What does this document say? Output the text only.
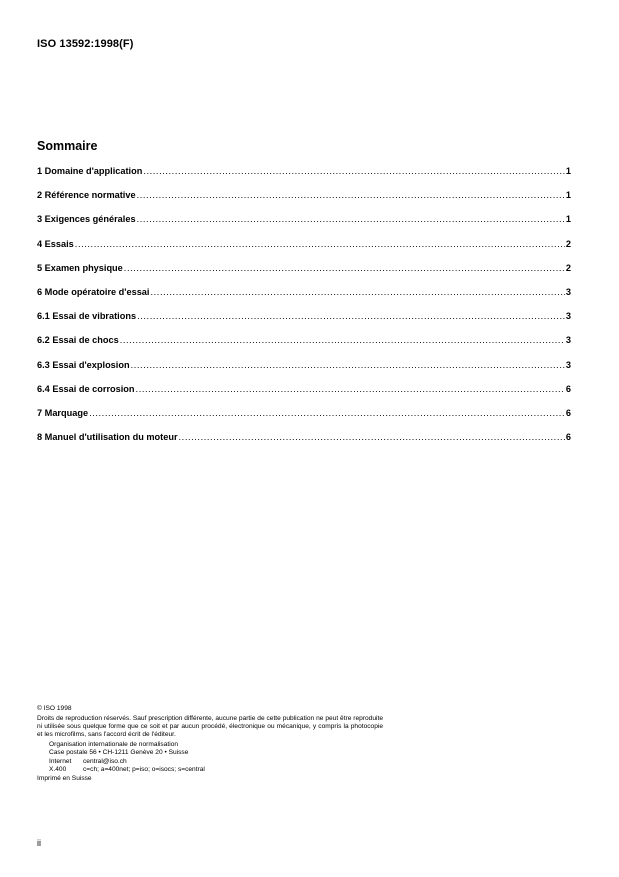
ISO 13592:1998(F)
Sommaire
1 Domaine d'application .....	1
2 Référence normative .....	1
3 Exigences générales .....	1
4 Essais .....	2
5 Examen physique .....	2
6 Mode opératoire d'essai .....	3
6.1 Essai de vibrations .....	3
6.2 Essai de chocs .....	3
6.3 Essai d'explosion .....	3
6.4 Essai de corrosion .....	6
7 Marquage .....	6
8 Manuel d'utilisation du moteur .....	6

© ISO 1998

Droits de reproduction réservés. Sauf prescription différente, aucune partie de cette publication ne peut être reproduite ni utilisée sous quelque forme que ce soit et par aucun procédé, électronique ou mécanique, y compris la photocopie et les microfilms, sans l'accord écrit de l'éditeur.

Organisation internationale de normalisation

Case postale 56 • CH-1211 Genève 20 • Suisse

Internet	central@iso.ch
X.400	c=ch; a=400net; p=iso; o=isocs; s=central

Imprimé en Suisse

ii
